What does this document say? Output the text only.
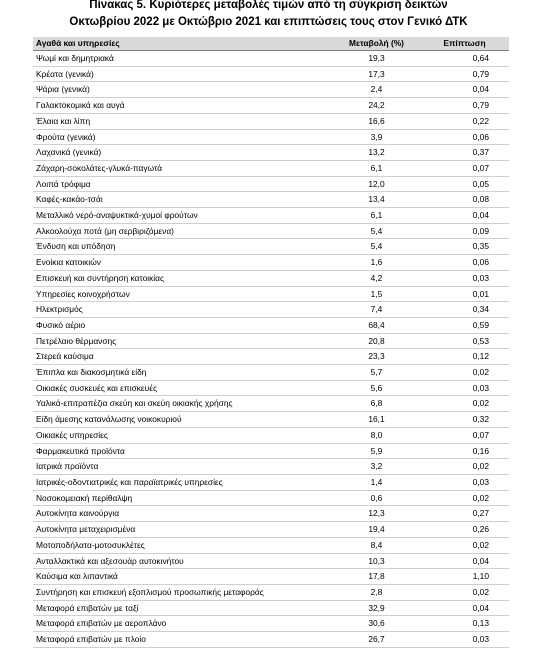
Πίνακας 5. Κυριότερες μεταβολές τιμών από τη σύγκριση δεικτών
Οκτωβρίου 2022 με Οκτώβριο 2021 και επιπτώσεις τους στον Γενικό ΔΤΚ
Αγαθά και υπηρεσίες	Μεταβολή (%)	Επίπτωση
Ψωμί και δημητριακά	19,3	0,64
Κρέατα (γενικά)	17,3	0,79
Ψάρια (γενικά)	2,4	0,04
Γαλακτοκομικά και αυγά	24,2	0,79
Έλαια και λίπη	16,6	0,22
Φρούτα (γενικά)	3,9	0,06
Λαχανικά (γενικά)	13,2	0,37
Ζάχαρη-σοκολάτες-γλυκά-παγωτά	6,1	0,07
Λοιπά τρόφιμα	12,0	0,05
Καφές-κακάο-τσάι	13,4	0,08
Μεταλλικό νερό-αναψυκτικά-χυμοί φρούτων	6,1	0,04
Αλκοολούχα ποτά (μη σερβιριζόμενα)	5,4	0,09
Ένδυση και υπόδηση	5,4	0,35
Ενοίκια κατοικιών	1,6	0,06
Επισκευή και συντήρηση κατοικίας	4,2	0,03
Υπηρεσίες κοινοχρήστων	1,5	0,01
Ηλεκτρισμός	7,4	0,34
Φυσικό αέριο	68,4	0,59
Πετρέλαιο θέρμανσης	20,8	0,53
Στερεά καύσιμα	23,3	0,12
Έπιπλα και διακοσμητικά είδη	5,7	0,02
Οικιακές συσκευές και επισκευές	5,6	0,03
Υαλικά-επιτραπέζια σκεύη και σκεύη οικιακής χρήσης	6,8	0,02
Είδη άμεσης κατανάλωσης νοικοκυριού	16,1	0,32
Οικιακές υπηρεσίες	8,0	0,07
Φαρμακευτικά προϊόντα	5,9	0,16
Ιατρικά προϊόντα	3,2	0,02
Ιατρικές-οδοντιατρικές και παραϊατρικές υπηρεσίες	1,4	0,03
Νοσοκομειακή περίθαλψη	0,6	0,02
Αυτοκίνητα καινούργια	12,3	0,27
Αυτοκίνητα μεταχειρισμένα	19,4	0,26
Μοτοποδήλατα-μοτοσυκλέτες	8,4	0,02
Ανταλλακτικά και αξεσουάρ αυτοκινήτου	10,3	0,04
Καύσιμα και λιπαντικά	17,8	1,10
Συντήρηση και επισκευή εξοπλισμού προσωπικής μεταφοράς	2,8	0,02
Μεταφορά επιβατών με ταξί	32,9	0,04
Μεταφορά επιβατών με αεροπλάνο	30,6	0,13
Μεταφορά επιβατών με πλοίο	26,7	0,03
